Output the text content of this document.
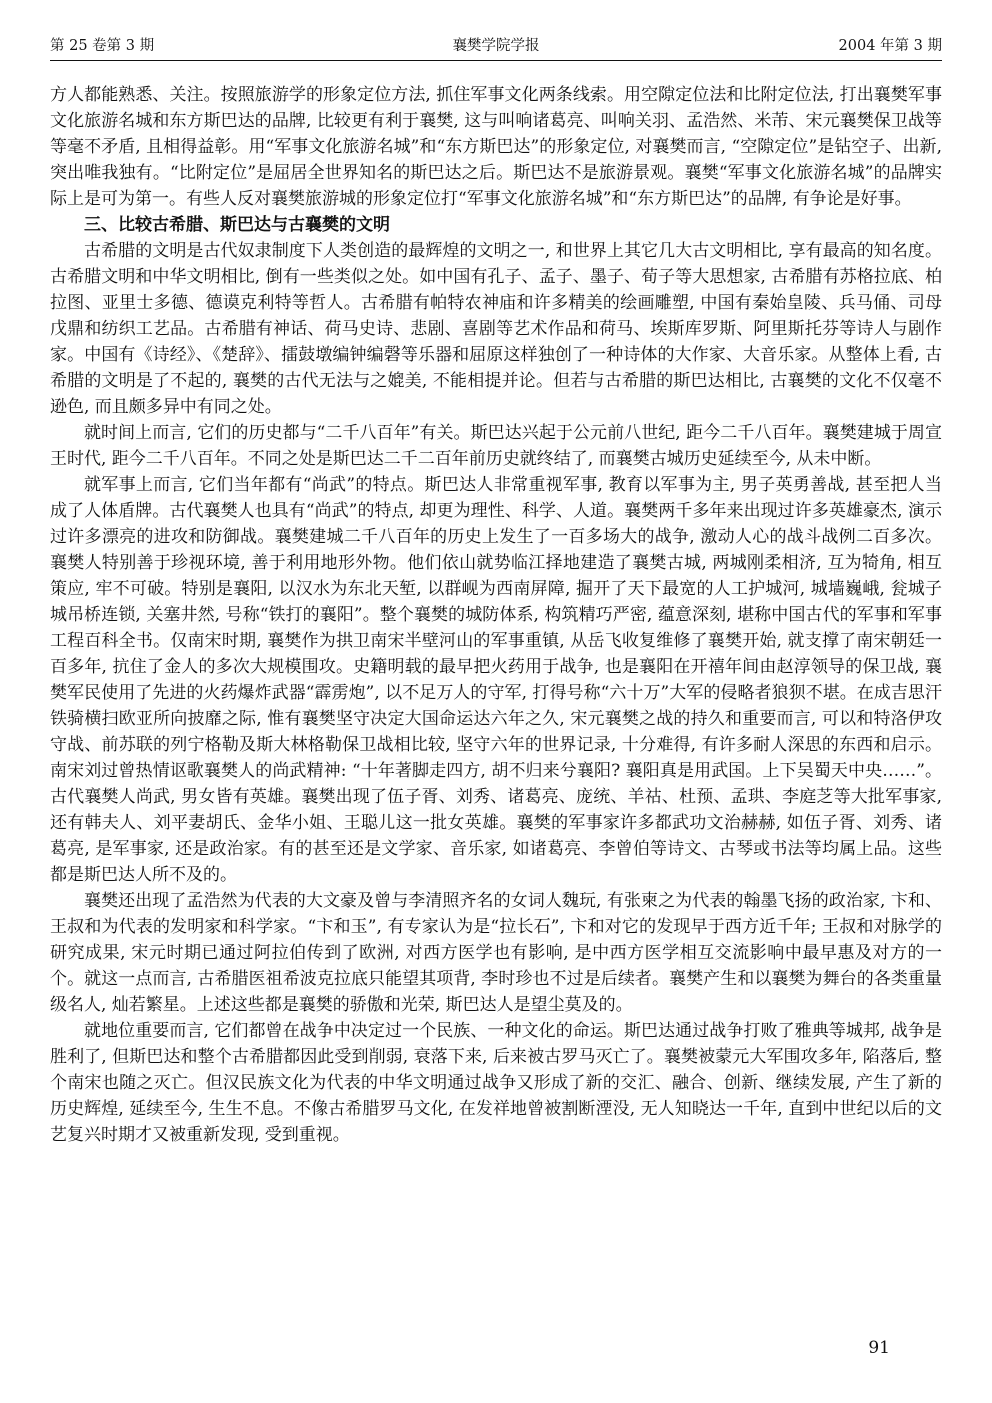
第 25 卷第 3 期	襄樊学院学报	2004 年第 3 期

方人都能熟悉、关注。按照旅游学的形象定位方法, 抓住军事文化两条线索。用空隙定位法和比附定位法, 打出襄樊军事文化旅游名城和东方斯巴达的品牌, 比较更有利于襄樊, 这与叫响诸葛亮、叫响关羽、孟浩然、米芾、宋元襄樊保卫战等等毫不矛盾, 且相得益彰。用“军事文化旅游名城”和“东方斯巴达”的形象定位, 对襄樊而言, “空隙定位”是钻空子、出新, 突出唯我独有。“比附定位”是屈居全世界知名的斯巴达之后。斯巴达不是旅游景观。襄樊“军事文化旅游名城”的品牌实际上是可为第一。有些人反对襄樊旅游城的形象定位打“军事文化旅游名城”和“东方斯巴达”的品牌, 有争论是好事。

三、比较古希腊、斯巴达与古襄樊的文明

古希腊的文明是古代奴隶制度下人类创造的最辉煌的文明之一, 和世界上其它几大古文明相比, 享有最高的知名度。古希腊文明和中华文明相比, 倒有一些类似之处。如中国有孔子、孟子、墨子、荀子等大思想家, 古希腊有苏格拉底、柏拉图、亚里士多德、德谟克利特等哲人。古希腊有帕特农神庙和许多精美的绘画雕塑, 中国有秦始皇陵、兵马俑、司母戊鼎和纺织工艺品。古希腊有神话、荷马史诗、悲剧、喜剧等艺术作品和荷马、埃斯库罗斯、阿里斯托芬等诗人与剧作家。中国有《诗经》、《楚辞》、擂鼓墩编钟编磬等乐器和屈原这样独创了一种诗体的大作家、大音乐家。从整体上看, 古希腊的文明是了不起的, 襄樊的古代无法与之媲美, 不能相提并论。但若与古希腊的斯巴达相比, 古襄樊的文化不仅毫不逊色, 而且颇多异中有同之处。

就时间上而言, 它们的历史都与“二千八百年”有关。斯巴达兴起于公元前八世纪, 距今二千八百年。襄樊建城于周宣王时代, 距今二千八百年。不同之处是斯巴达二千二百年前历史就终结了, 而襄樊古城历史延续至今, 从未中断。

就军事上而言, 它们当年都有“尚武”的特点。斯巴达人非常重视军事, 教育以军事为主, 男子英勇善战, 甚至把人当成了人体盾牌。古代襄樊人也具有“尚武”的特点, 却更为理性、科学、人道。襄樊两千多年来出现过许多英雄豪杰, 演示过许多漂亮的进攻和防御战。襄樊建城二千八百年的历史上发生了一百多场大的战争, 激动人心的战斗战例二百多次。襄樊人特别善于珍视环境, 善于利用地形外物。他们依山就势临江择地建造了襄樊古城, 两城刚柔相济, 互为犄角, 相互策应, 牢不可破。特别是襄阳, 以汉水为东北天堑, 以群岘为西南屏障, 掘开了天下最宽的人工护城河, 城墙巍峨, 瓮城子城吊桥连锁, 关塞井然, 号称“铁打的襄阳”。整个襄樊的城防体系, 构筑精巧严密, 蕴意深刻, 堪称中国古代的军事和军事工程百科全书。仅南宋时期, 襄樊作为拱卫南宋半壁河山的军事重镇, 从岳飞收复维修了襄樊开始, 就支撑了南宋朝廷一百多年, 抗住了金人的多次大规模围攻。史籍明载的最早把火药用于战争, 也是襄阳在开禧年间由赵淳领导的保卫战, 襄樊军民使用了先进的火药爆炸武器“霹雳炮”, 以不足万人的守军, 打得号称“六十万”大军的侵略者狼狈不堪。在成吉思汗铁骑横扫欧亚所向披靡之际, 惟有襄樊坚守决定大国命运达六年之久, 宋元襄樊之战的持久和重要而言, 可以和特洛伊攻守战、前苏联的列宁格勒及斯大林格勒保卫战相比较, 坚守六年的世界记录, 十分难得, 有许多耐人深思的东西和启示。南宋刘过曾热情讴歌襄樊人的尚武精神: “十年著脚走四方, 胡不归来兮襄阳? 襄阳真是用武国。上下吴蜀天中央……”。古代襄樊人尚武, 男女皆有英雄。襄樊出现了伍子胥、刘秀、诸葛亮、庞统、羊祜、杜预、孟珙、李庭芝等大批军事家, 还有韩夫人、刘平妻胡氏、金华小姐、王聪儿这一批女英雄。襄樊的军事家许多都武功文治赫赫, 如伍子胥、刘秀、诸葛亮, 是军事家, 还是政治家。有的甚至还是文学家、音乐家, 如诸葛亮、李曾伯等诗文、古琴或书法等均属上品。这些都是斯巴达人所不及的。

襄樊还出现了孟浩然为代表的大文豪及曾与李清照齐名的女词人魏玩, 有张柬之为代表的翰墨飞扬的政治家, 卞和、王叔和为代表的发明家和科学家。“卞和玉”, 有专家认为是“拉长石”, 卞和对它的发现早于西方近千年; 王叔和对脉学的研究成果, 宋元时期已通过阿拉伯传到了欧洲, 对西方医学也有影响, 是中西方医学相互交流影响中最早惠及对方的一个。就这一点而言, 古希腊医祖希波克拉底只能望其项背, 李时珍也不过是后续者。襄樊产生和以襄樊为舞台的各类重量级名人, 灿若繁星。上述这些都是襄樊的骄傲和光荣, 斯巴达人是望尘莫及的。

就地位重要而言, 它们都曾在战争中决定过一个民族、一种文化的命运。斯巴达通过战争打败了雅典等城邦, 战争是胜利了, 但斯巴达和整个古希腊都因此受到削弱, 衰落下来, 后来被古罗马灭亡了。襄樊被蒙元大军围攻多年, 陷落后, 整个南宋也随之灭亡。但汉民族文化为代表的中华文明通过战争又形成了新的交汇、融合、创新、继续发展, 产生了新的历史辉煌, 延续至今, 生生不息。不像古希腊罗马文化, 在发祥地曾被割断湮没, 无人知晓达一千年, 直到中世纪以后的文艺复兴时期才又被重新发现, 受到重视。

91
